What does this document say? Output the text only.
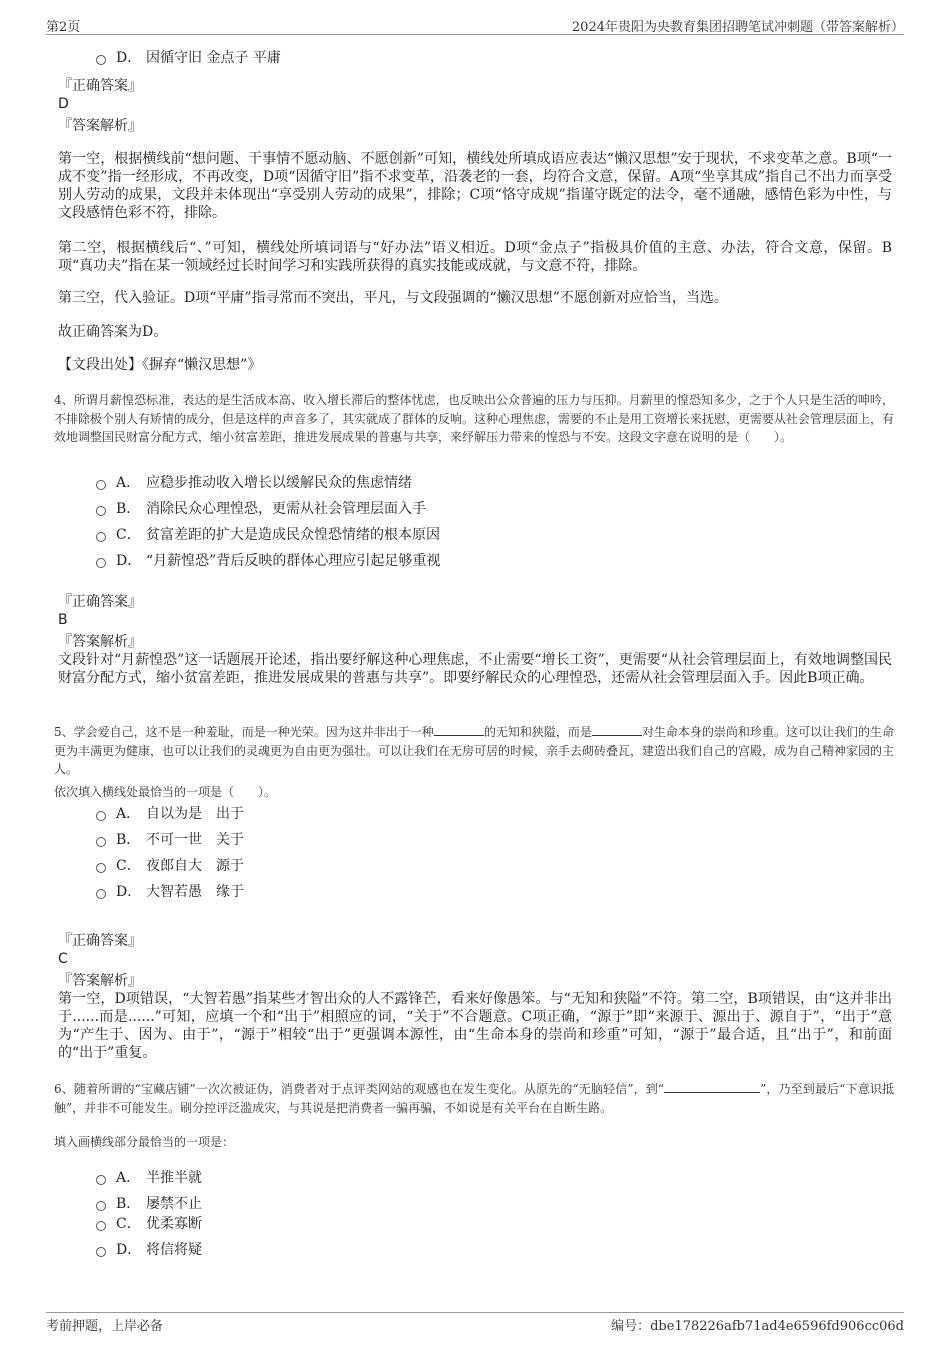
第2页	2024年贵阳为央教育集团招聘笔试冲刺题（带答案解析）
D． 因循守旧 金点子 平庸
『正确答案』
D
『答案解析』
第一空，根据横线前“想问题、干事情不愿动脑、不愿创新”可知，横线处所填成语应表达“懒汉思想”安于现状，不求变革之意。B项“一成不变”指一经形成，不再改变，D项“因循守旧”指不求变革，沿袭老的一套，均符合文意，保留。A项“坐享其成”指自己不出力而享受别人劳动的成果，文段并未体现出“享受别人劳动的成果”，排除；C项“恪守成规”指谨守既定的法令，毫不通融，感情色彩为中性，与文段感情色彩不符，排除。
第二空，根据横线后“、”可知，横线处所填词语与“好办法”语义相近。D项“金点子”指极具价值的主意、办法，符合文意，保留。B项“真功夫”指在某一领域经过长时间学习和实践所获得的真实技能或成就，与文意不符，排除。
第三空，代入验证。D项“平庸”指寻常而不突出，平凡，与文段强调的“懒汉思想”不愿创新对应恰当，当选。
故正确答案为D。
【文段出处】《摒弃“懒汉思想”》
4、所谓月薪惶恐标准，表达的是生活成本高、收入增长滞后的整体忧虑，也反映出公众普遍的压力与压抑。月薪里的惶恐知多少，之于个人只是生活的呻吟，不排除极个别人有矫情的成分，但是这样的声音多了，其实就成了群体的反响。这种心理焦虑，需要的不止是用工资增长来抚慰，更需要从社会管理层面上，有效地调整国民财富分配方式，缩小贫富差距，推进发展成果的普惠与共享，来纾解压力带来的惶恐与不安。这段文字意在说明的是（　　）。
A． 应稳步推动收入增长以缓解民众的焦虑情绪
B． 消除民众心理惶恐，更需从社会管理层面入手
C． 贫富差距的扩大是造成民众惶恐情绪的根本原因
D． “月薪惶恐”背后反映的群体心理应引起足够重视
『正确答案』
B
『答案解析』
文段针对“月薪惶恐”这一话题展开论述，指出要纾解这种心理焦虑，不止需要“增长工资”，更需要“从社会管理层面上，有效地调整国民财富分配方式，缩小贫富差距，推进发展成果的普惠与共享”。即要纾解民众的心理惶恐，还需从社会管理层面入手。因此B项正确。
5、学会爱自己，这不是一种羞耻，而是一种光荣。因为这并非出于一种	的无知和狭隘，而是	对生命本身的崇尚和珍重。这可以让我们的生命更为丰满更为健康，也可以让我们的灵魂更为自由更为强壮。可以让我们在无房可居的时候，亲手去砌砖叠瓦，建造出我们自己的宫殿，成为自己精神家园的主人。
依次填入横线处最恰当的一项是（　　）。
A． 自以为是　出于
B． 不可一世　关于
C． 夜郎自大　源于
D． 大智若愚　缘于
『正确答案』
C
『答案解析』
第一空，D项错误，“大智若愚”指某些才智出众的人不露锋芒，看来好像愚笨。与“无知和狭隘”不符。第二空，B项错误，由“这并非出于......而是......”可知，应填一个和“出于”相照应的词，“关于”不合题意。C项正确，“源于”即“来源于、源出于、源自于”，“出于”意为“产生于、因为、由于”，“源于”相较“出于”更强调本源性，由“生命本身的崇尚和珍重”可知，“源于”最合适，且“出于”，和前面的“出于”重复。
6、随着所谓的“宝藏店铺”一次次被证伪，消费者对于点评类网站的观感也在发生变化。从原先的“无脑轻信”，到“	”，乃至到最后“下意识抵触”，并非不可能发生。刷分控评泛滥成灾，与其说是把消费者一骗再骗，不如说是有关平台在自断生路。
填入画横线部分最恰当的一项是：
A． 半推半就
B． 屡禁不止
C． 优柔寡断
D． 将信将疑
考前押题，上岸必备	编号：dbe178226afb71ad4e6596fd906cc06d
